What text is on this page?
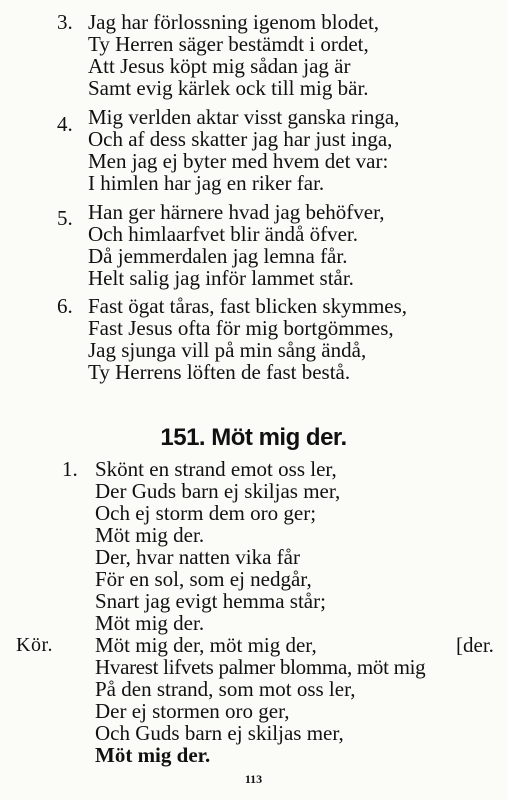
3. Jag har förlossning igenom blodet,
Ty Herren säger bestämdt i ordet,
Att Jesus köpt mig sådan jag är
Samt evig kärlek ock till mig bär.
4. Mig verlden aktar visst ganska ringa,
Och af dess skatter jag har just inga,
Men jag ej byter med hvem det var:
I himlen har jag en riker far.
5. Han ger härnere hvad jag behöfver,
Och himlaarfvet blir ändå öfver.
Då jemmerdalen jag lemna får.
Helt salig jag inför lammet står.
6. Fast ögat tåras, fast blicken skymmes,
Fast Jesus ofta för mig bortgömmes,
Jag sjunga vill på min sång ändå,
Ty Herrens löften de fast bestå.
151. Möt mig der.
1. Skönt en strand emot oss ler,
Der Guds barn ej skiljas mer,
Och ej storm dem oro ger;
Möt mig der.
Der, hvar natten vika får
För en sol, som ej nedgår,
Snart jag evigt hemma står;
Möt mig der.
Kör. Möt mig der, möt mig der,	[der.
Hvarest lifvets palmer blomma, möt mig
På den strand, som mot oss ler,
Der ej stormen oro ger,
Och Guds barn ej skiljas mer,
Möt mig der.
113
